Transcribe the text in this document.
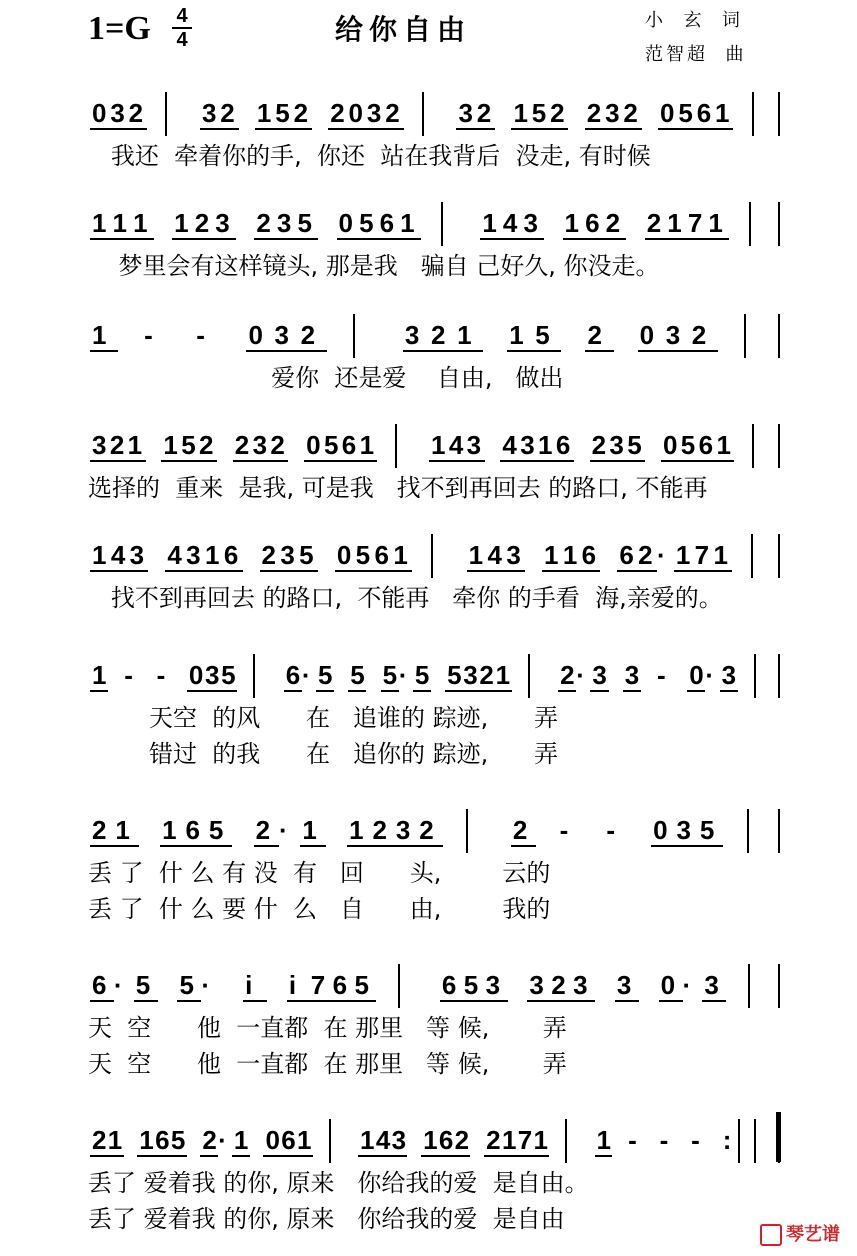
1=G 4
4	给你自由	小  玄  词
范智超  曲
0 3 2 3 2 1 5 2 2 0 3 2 3 2 1 5 2 2 3 2 0 5 6 1
我还  牵着你的手,  你还  站在我背后  没走, 有时候
1 1 1 1 2 3 2 3 5 0 5 6 1	1 4 3 1 6 2 2 1 7 1
梦里会有这样镜头, 那是我   骗自 己好久, 你没走。
1 - - 0 3 2	3 2 1 1 5 2 0 3 2
爱你  还是爱    自由,   做出
3 2 1 1 5 2 2 3 2 0 5 6 1 1 4 3 4 3 1 6 2 3 5 0 5 6 1
选择的  重来  是我, 可是我   找不到再回去 的路口, 不能再
1 4 3 4 3 1 6 2 3 5 0 5 6 1 1 4 3 1 1 6 6 2 · 1 7 1
找不到再回去 的路口,  不能再   牵你 的手看  海,亲爱的。
1 - - 0 3 5 6 · 5 5 5 · 5 5 3 2 1 2 · 3 3 - 0 · 3
天空  的风      在   追谁的 踪迹,      弄
错过  的我      在   追你的 踪迹,      弄
2 1 1 6 5 2 · 1 1 2 3 2	2 - - 0 3 5
丢 了  什 么 有 没  有   回      头,        云的
丢 了  什 么 要 什  么   自      由,        我的
6 · 5 5 · i i 7 6 5	6 5 3 3 2 3 3 0 · 3
天  空      他  一直都  在 那里   等 候,       弄
天  空      他  一直都  在 那里   等 候,       弄
2 1 1 6 5 2 · 1 0 6 1 1 4 3 1 6 2 2 1 7 1 1 - - - :
丢了 爱着我 的你, 原来   你给我的爱  是自由。
丢了 爱着我 的你, 原来   你给我的爱  是自由
琴艺谱
